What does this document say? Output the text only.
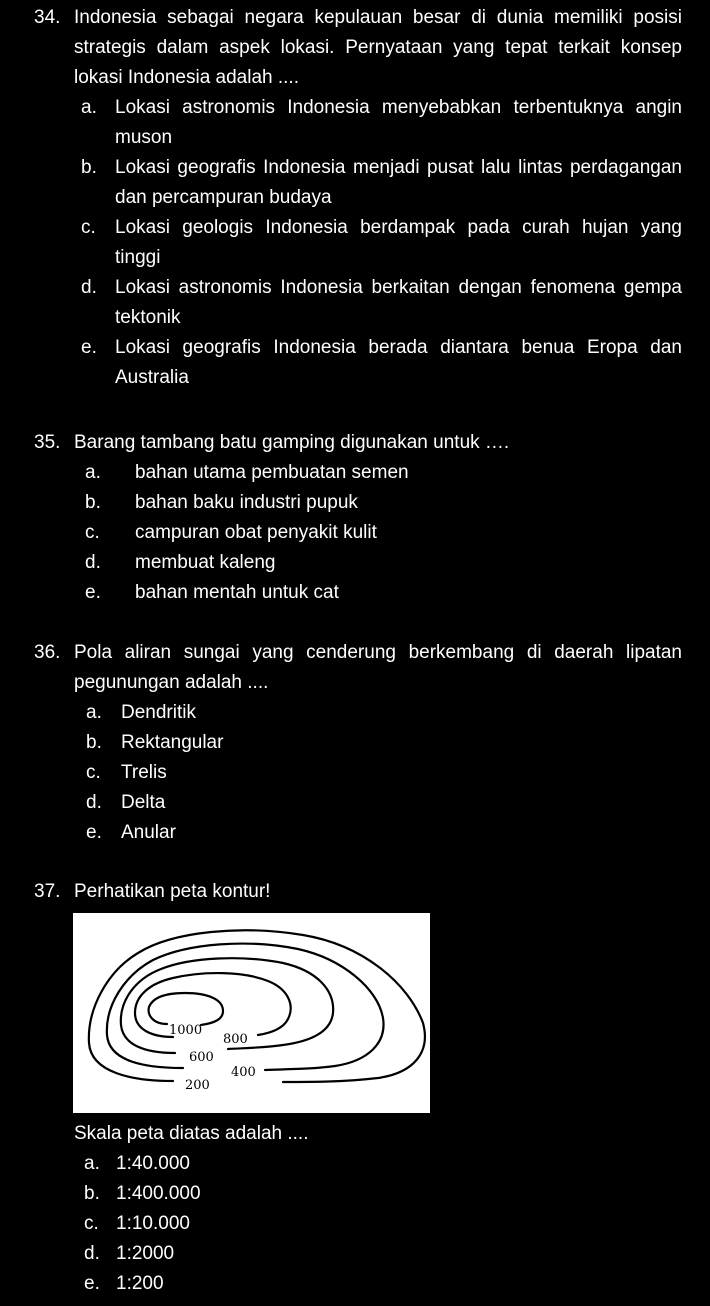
34. Indonesia sebagai negara kepulauan besar di dunia memiliki posisi strategis dalam aspek lokasi. Pernyataan yang tepat terkait konsep lokasi Indonesia adalah ....
a. Lokasi astronomis Indonesia menyebabkan terbentuknya angin muson
b. Lokasi geografis Indonesia menjadi pusat lalu lintas perdagangan dan percampuran budaya
c. Lokasi geologis Indonesia berdampak pada curah hujan yang tinggi
d. Lokasi astronomis Indonesia berkaitan dengan fenomena gempa tektonik
e. Lokasi geografis Indonesia berada diantara benua Eropa dan Australia
35. Barang tambang batu gamping digunakan untuk ….
a. bahan utama pembuatan semen
b. bahan baku industri pupuk
c. campuran obat penyakit kulit
d. membuat kaleng
e. bahan mentah untuk cat
36. Pola aliran sungai yang cenderung berkembang di daerah lipatan pegunungan adalah ....
a. Dendritik
b. Rektangular
c. Trelis
d. Delta
e. Anular
37. Perhatikan peta kontur!
1000
800
600
400
200
Skala peta diatas adalah ....
a. 1:40.000
b. 1:400.000
c. 1:10.000
d. 1:2000
e. 1:200
